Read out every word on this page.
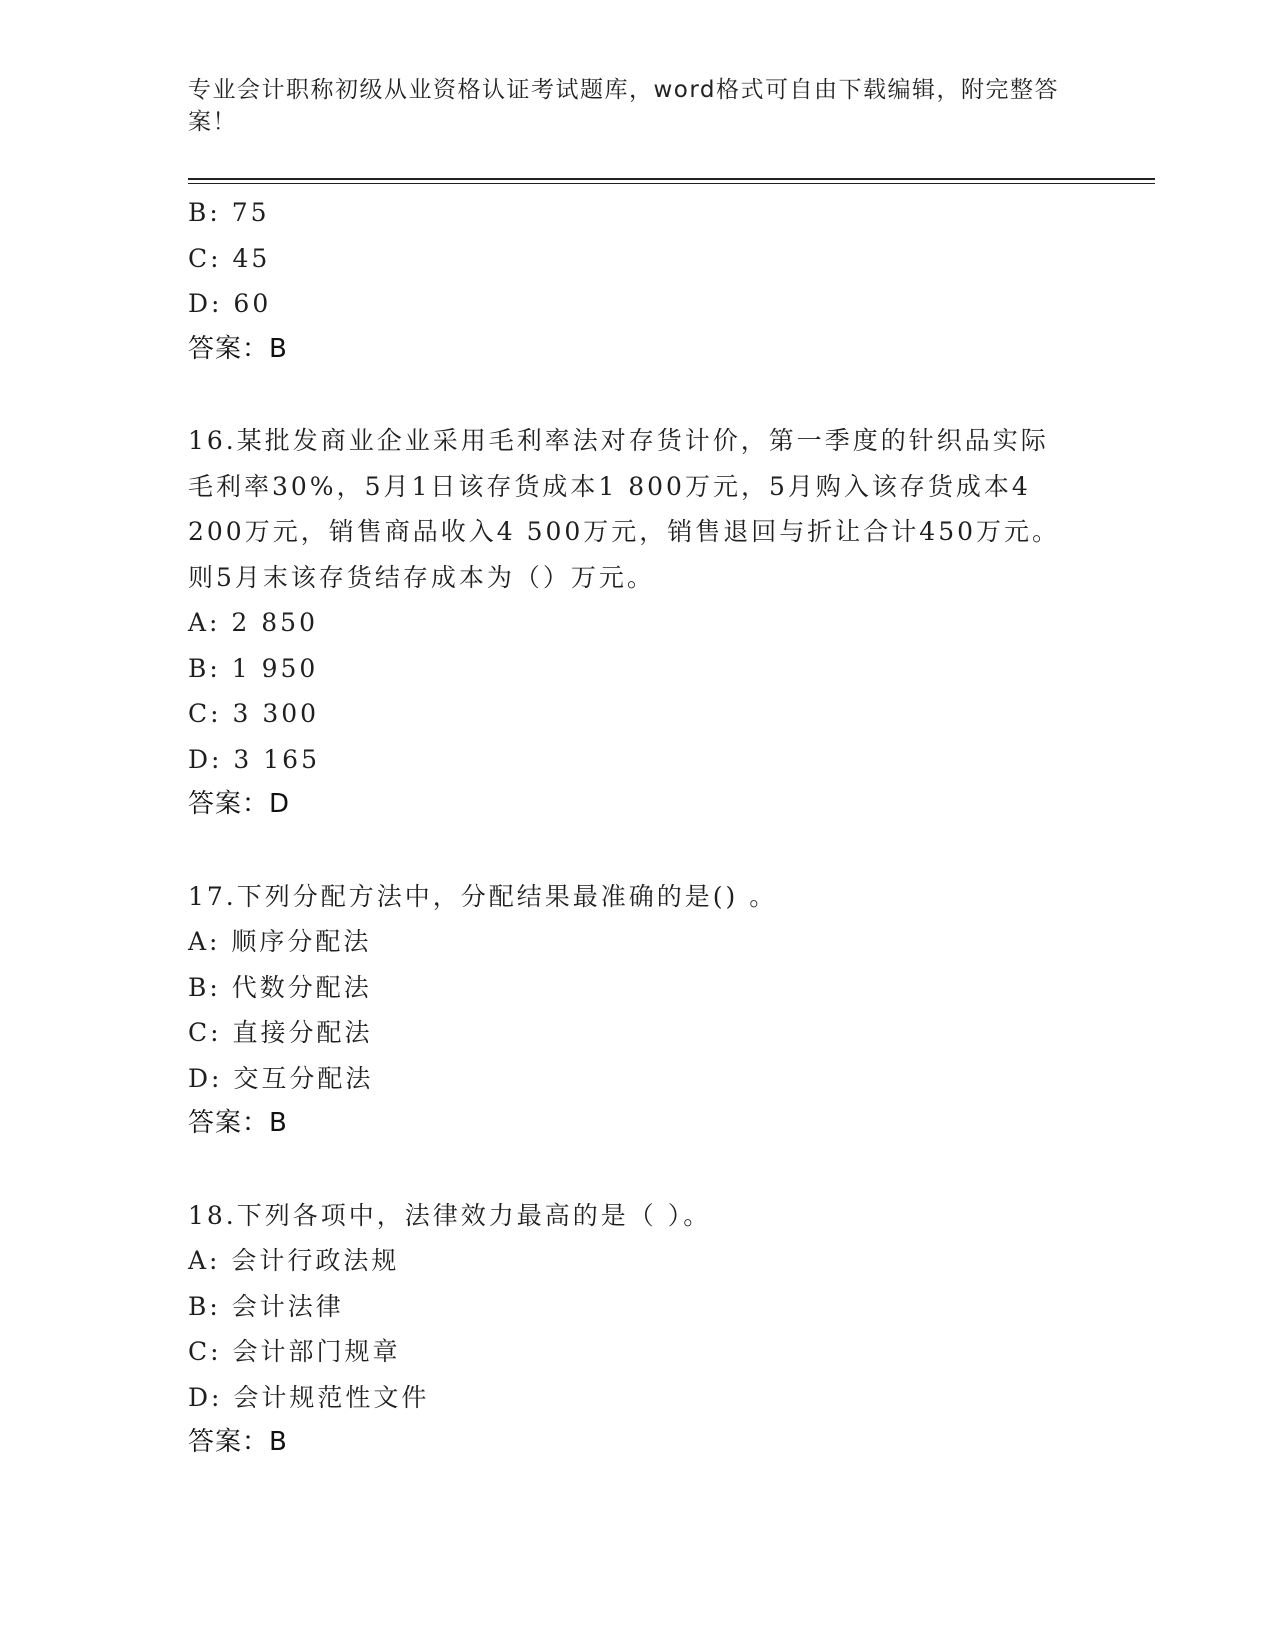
专业会计职称初级从业资格认证考试题库，word格式可自由下载编辑，附完整答案！
B: 75
C: 45
D: 60
答案：B
16.某批发商业企业采用毛利率法对存货计价，第一季度的针织品实际毛利率30%，5月1日该存货成本1 800万元，5月购入该存货成本4 200万元，销售商品收入4 500万元，销售退回与折让合计450万元。则5月末该存货结存成本为（）万元。
A: 2 850
B: 1 950
C: 3 300
D: 3 165
答案：D
17.下列分配方法中，分配结果最准确的是() 。
A: 顺序分配法
B: 代数分配法
C: 直接分配法
D: 交互分配法
答案：B
18.下列各项中，法律效力最高的是（ ）。
A: 会计行政法规
B: 会计法律
C: 会计部门规章
D: 会计规范性文件
答案：B
